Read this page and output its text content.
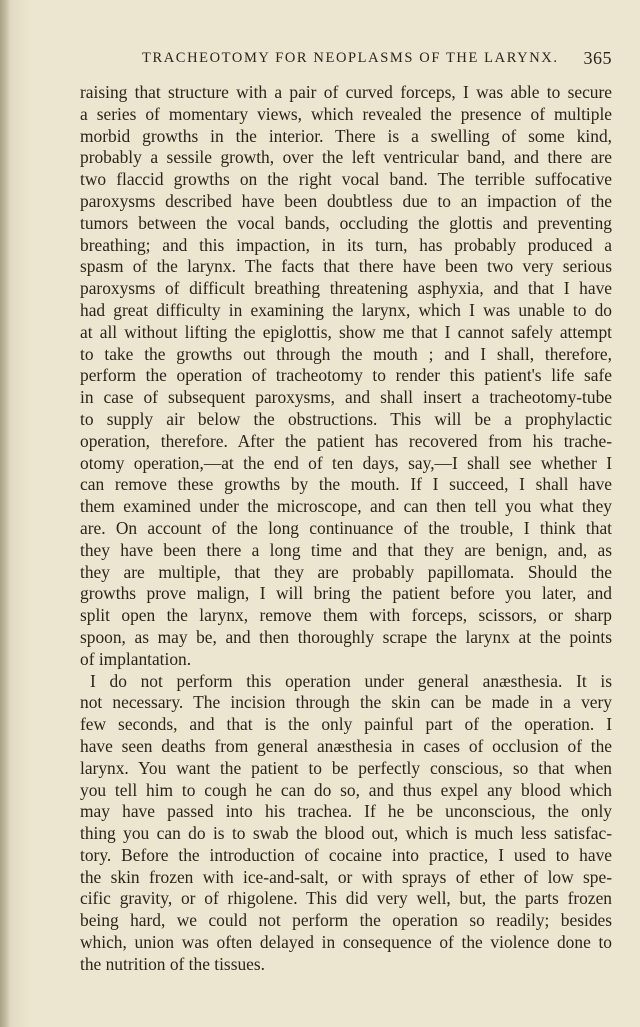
TRACHEOTOMY FOR NEOPLASMS OF THE LARYNX. 365
raising that structure with a pair of curved forceps, I was able to secure
a series of momentary views, which revealed the presence of multiple
morbid growths in the interior. There is a swelling of some kind,
probably a sessile growth, over the left ventricular band, and there are
two flaccid growths on the right vocal band. The terrible suffocative
paroxysms described have been doubtless due to an impaction of the
tumors between the vocal bands, occluding the glottis and preventing
breathing; and this impaction, in its turn, has probably produced a
spasm of the larynx. The facts that there have been two very serious
paroxysms of difficult breathing threatening asphyxia, and that I have
had great difficulty in examining the larynx, which I was unable to do
at all without lifting the epiglottis, show me that I cannot safely attempt
to take the growths out through the mouth ; and I shall, therefore,
perform the operation of tracheotomy to render this patient's life safe
in case of subsequent paroxysms, and shall insert a tracheotomy-tube
to supply air below the obstructions. This will be a prophylactic
operation, therefore. After the patient has recovered from his trache-
otomy operation,—at the end of ten days, say,—I shall see whether I
can remove these growths by the mouth. If I succeed, I shall have
them examined under the microscope, and can then tell you what they
are. On account of the long continuance of the trouble, I think that
they have been there a long time and that they are benign, and, as
they are multiple, that they are probably papillomata. Should the
growths prove malign, I will bring the patient before you later, and
split open the larynx, remove them with forceps, scissors, or sharp
spoon, as may be, and then thoroughly scrape the larynx at the points
of implantation.
I do not perform this operation under general anæsthesia. It is
not necessary. The incision through the skin can be made in a very
few seconds, and that is the only painful part of the operation. I
have seen deaths from general anæsthesia in cases of occlusion of the
larynx. You want the patient to be perfectly conscious, so that when
you tell him to cough he can do so, and thus expel any blood which
may have passed into his trachea. If he be unconscious, the only
thing you can do is to swab the blood out, which is much less satisfac-
tory. Before the introduction of cocaine into practice, I used to have
the skin frozen with ice-and-salt, or with sprays of ether of low spe-
cific gravity, or of rhigolene. This did very well, but, the parts frozen
being hard, we could not perform the operation so readily; besides
which, union was often delayed in consequence of the violence done to
the nutrition of the tissues.
